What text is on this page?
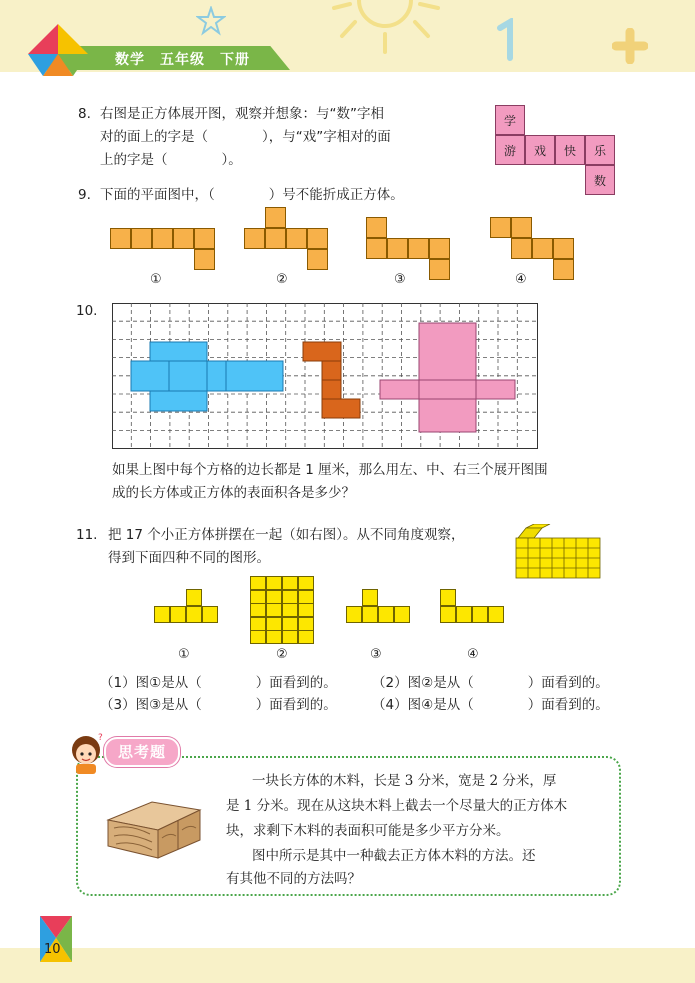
数学　五年级　下册
8. 右图是正方体展开图，观察并想象：与“数”字相
对的面上的字是（　　　　），与“戏”字相对的面
上的字是（　　　　）。
学
游	戏	快	乐
数
9. 下面的平面图中，（　　　　）号不能折成正方体。
①	②	③	④
10.
如果上图中每个方格的边长都是 1 厘米，那么用左、中、右三个展开图围
成的长方体或正方体的表面积各是多少？
11. 把 17 个小正方体拼摆在一起（如右图）。从不同角度观察，
得到下面四种不同的图形。
①	②	③	④
（1）图①是从（　　　　）面看到的。	（2）图②是从（　　　　）面看到的。
（3）图③是从（　　　　）面看到的。	（4）图④是从（　　　　）面看到的。
?
思考题
一块长方体的木料，长是 3 分米，宽是 2 分米，厚
是 1 分米。现在从这块木料上截去一个尽量大的正方体木
块，求剩下木料的表面积可能是多少平方分米。
图中所示是其中一种截去正方体木料的方法。还
有其他不同的方法吗？
10
